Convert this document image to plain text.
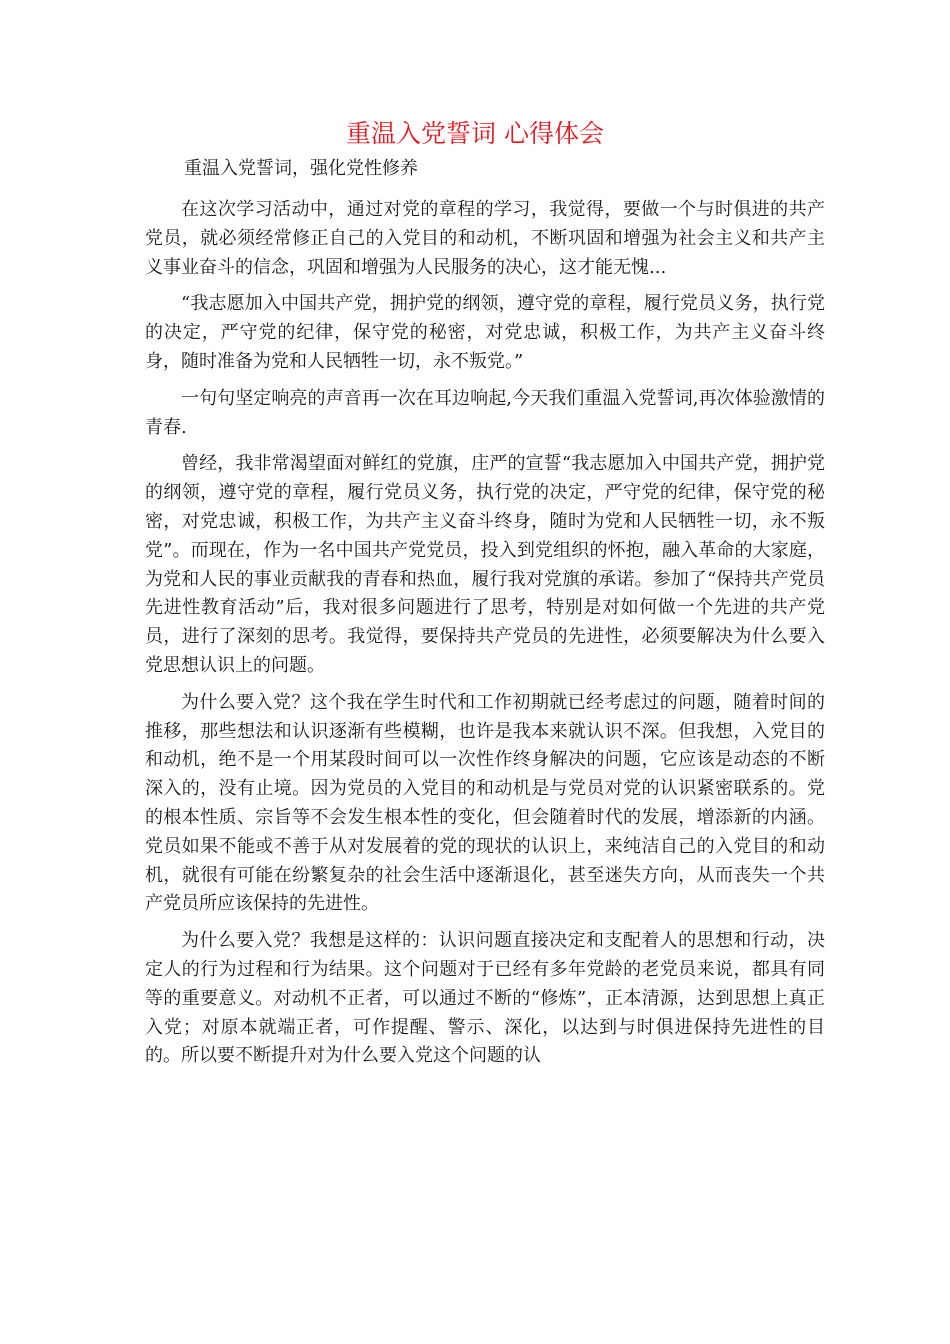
重温入党誓词 心得体会

重温入党誓词，强化党性修养

在这次学习活动中，通过对党的章程的学习，我觉得，要做一个与时俱进的共产党员，就必须经常修正自己的入党目的和动机，不断巩固和增强为社会主义和共产主义事业奋斗的信念，巩固和增强为人民服务的决心，这才能无愧...

“我志愿加入中国共产党，拥护党的纲领，遵守党的章程，履行党员义务，执行党的决定，严守党的纪律，保守党的秘密，对党忠诚，积极工作，为共产主义奋斗终身，随时准备为党和人民牺牲一切，永不叛党。”

一句句坚定响亮的声音再一次在耳边响起,今天我们重温入党誓词,再次体验激情的青春.

曾经，我非常渴望面对鲜红的党旗，庄严的宣誓“我志愿加入中国共产党，拥护党的纲领，遵守党的章程，履行党员义务，执行党的决定，严守党的纪律，保守党的秘密，对党忠诚，积极工作，为共产主义奋斗终身，随时为党和人民牺牲一切，永不叛党”。而现在，作为一名中国共产党党员，投入到党组织的怀抱，融入革命的大家庭，为党和人民的事业贡献我的青春和热血，履行我对党旗的承诺。参加了“保持共产党员先进性教育活动”后，我对很多问题进行了思考，特别是对如何做一个先进的共产党员，进行了深刻的思考。我觉得，要保持共产党员的先进性，必须要解决为什么要入党思想认识上的问题。

为什么要入党？这个我在学生时代和工作初期就已经考虑过的问题，随着时间的推移，那些想法和认识逐渐有些模糊，也许是我本来就认识不深。但我想，入党目的和动机，绝不是一个用某段时间可以一次性作终身解决的问题，它应该是动态的不断深入的，没有止境。因为党员的入党目的和动机是与党员对党的认识紧密联系的。党的根本性质、宗旨等不会发生根本性的变化，但会随着时代的发展，增添新的内涵。党员如果不能或不善于从对发展着的党的现状的认识上，来纯洁自己的入党目的和动机，就很有可能在纷繁复杂的社会生活中逐渐退化，甚至迷失方向，从而丧失一个共产党员所应该保持的先进性。

为什么要入党？我想是这样的：认识问题直接决定和支配着人的思想和行动，决定人的行为过程和行为结果。这个问题对于已经有多年党龄的老党员来说，都具有同等的重要意义。对动机不正者，可以通过不断的“修炼”，正本清源，达到思想上真正入党；对原本就端正者，可作提醒、警示、深化，以达到与时俱进保持先进性的目的。所以要不断提升对为什么要入党这个问题的认
